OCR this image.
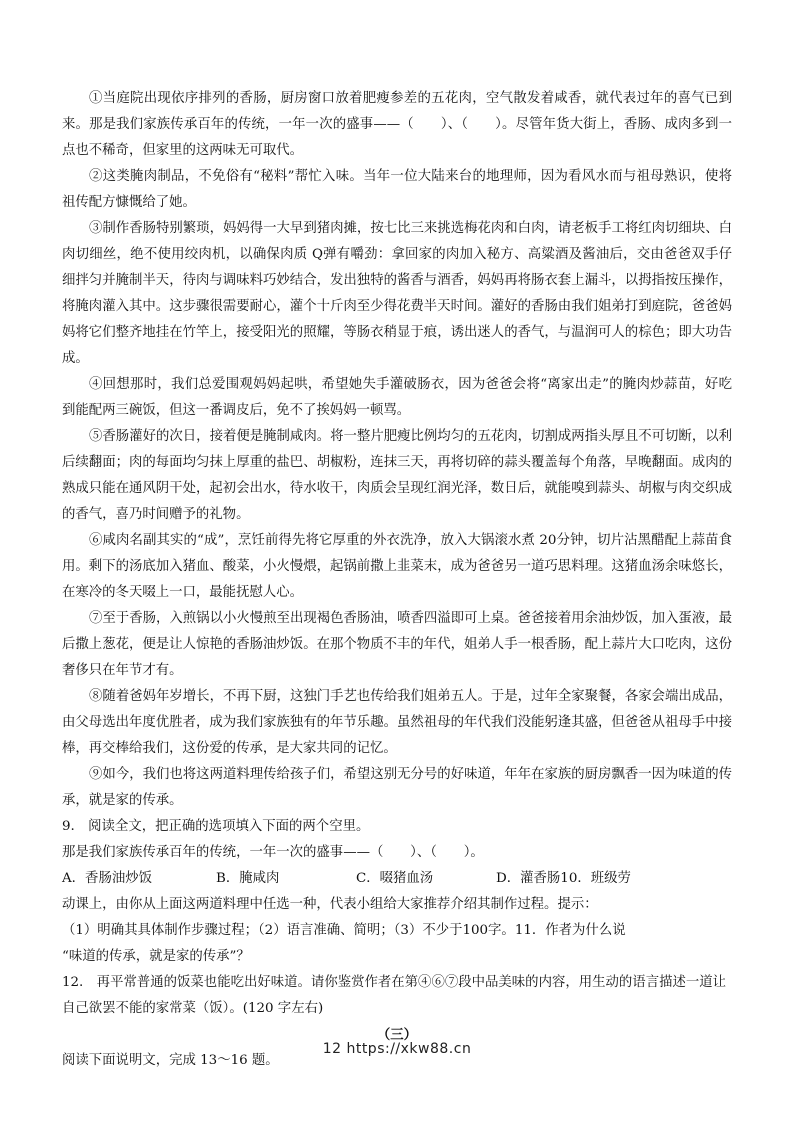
①当庭院出现依序排列的香肠，厨房窗口放着肥瘦参差的五花肉，空气散发着咸香，就代表过年的喜气已到来。那是我们家族传承百年的传统，一年一次的盛事——（　　）、（　　）。尽管年货大街上，香肠、成肉多到一点也不稀奇，但家里的这两味无可取代。

②这类腌肉制品，不免俗有“秘料”帮忙入味。当年一位大陆来台的地理师，因为看风水而与祖母熟识，使将祖传配方慷慨给了她。

③制作香肠特别繁琐，妈妈得一大早到猪肉摊，按七比三来挑选梅花肉和白肉，请老板手工将红肉切细块、白肉切细丝，绝不使用绞肉机，以确保肉质 Q弹有嚼劲：拿回家的肉加入秘方、高粱酒及酱油后，交由爸爸双手仔细拌匀并腌制半天，待肉与调味料巧妙结合，发出独特的酱香与酒香，妈妈再将肠衣套上漏斗，以拇指按压操作，将腌肉灌入其中。这步骤很需要耐心，灌个十斤肉至少得花费半天时间。灌好的香肠由我们姐弟打到庭院，爸爸妈妈将它们整齐地挂在竹竿上，接受阳光的照耀，等肠衣稍显于痕，诱出迷人的香气，与温润可人的棕色；即大功告成。

④回想那时，我们总爱围观妈妈起哄，希望她失手灌破肠衣，因为爸爸会将“离家出走”的腌肉炒蒜苗，好吃到能配两三碗饭，但这一番调皮后，免不了挨妈妈一顿骂。

⑤香肠灌好的次日，接着便是腌制咸肉。将一整片肥瘦比例均匀的五花肉，切割成两指头厚且不可切断，以利后续翻面；肉的每面均匀抹上厚重的盐巴、胡椒粉，连抹三天，再将切碎的蒜头覆盖每个角落，早晚翻面。成肉的熟成只能在通风阴干处，起初会出水，待水收干，肉质会呈现红润光泽，数日后，就能嗅到蒜头、胡椒与肉交织成的香气，喜乃时间赠予的礼物。

⑥咸肉名副其实的“成”，烹饪前得先将它厚重的外衣洗净，放入大锅滚水煮 20分钟，切片沾黑醋配上蒜苗食用。剩下的汤底加入猪血、酸菜，小火慢煨，起锅前撒上韭菜末，成为爸爸另一道巧思料理。这猪血汤余味悠长，在寒冷的冬天啜上一口，最能抚慰人心。

⑦至于香肠，入煎锅以小火慢煎至出现褐色香肠油，喷香四溢即可上桌。爸爸接着用余油炒饭，加入蛋液，最后撒上葱花，便是让人惊艳的香肠油炒饭。在那个物质不丰的年代，姐弟人手一根香肠，配上蒜片大口吃肉，这份奢侈只在年节才有。

⑧随着爸妈年岁增长，不再下厨，这独门手艺也传给我们姐弟五人。于是，过年全家聚餐，各家会端出成品，由父母选出年度优胜者，成为我们家族独有的年节乐趣。虽然祖母的年代我们没能躬逢其盛，但爸爸从祖母手中接棒，再交棒给我们，这份爱的传承，是大家共同的记忆。

⑨如今，我们也将这两道料理传给孩子们，希望这别无分号的好味道，年年在家族的厨房飘香一因为味道的传承，就是家的传承。

9.　阅读全文，把正确的选项填入下面的两个空里。

那是我们家族传承百年的传统，一年一次的盛事——（　　）、（　　）。

A．香肠油炒饭	B．腌咸肉	C．啜猪血汤	D．灌香肠10．班级劳

动课上，由你从上面这两道料理中任选一种，代表小组给大家推荐介绍其制作过程。提示：

（1）明确其具体制作步骤过程；（2）语言准确、简明；（3）不少于100字。11．作者为什么说

“味道的传承，就是家的传承”？

12.　再平常普通的饭菜也能吃出好味道。请你鉴赏作者在第④⑥⑦段中品美味的内容，用生动的语言描述一道让自己欲罢不能的家常菜（饭）。(120 字左右)

（三）

阅读下面说明文，完成 13～16 题。

12 https://xkw88.cn
